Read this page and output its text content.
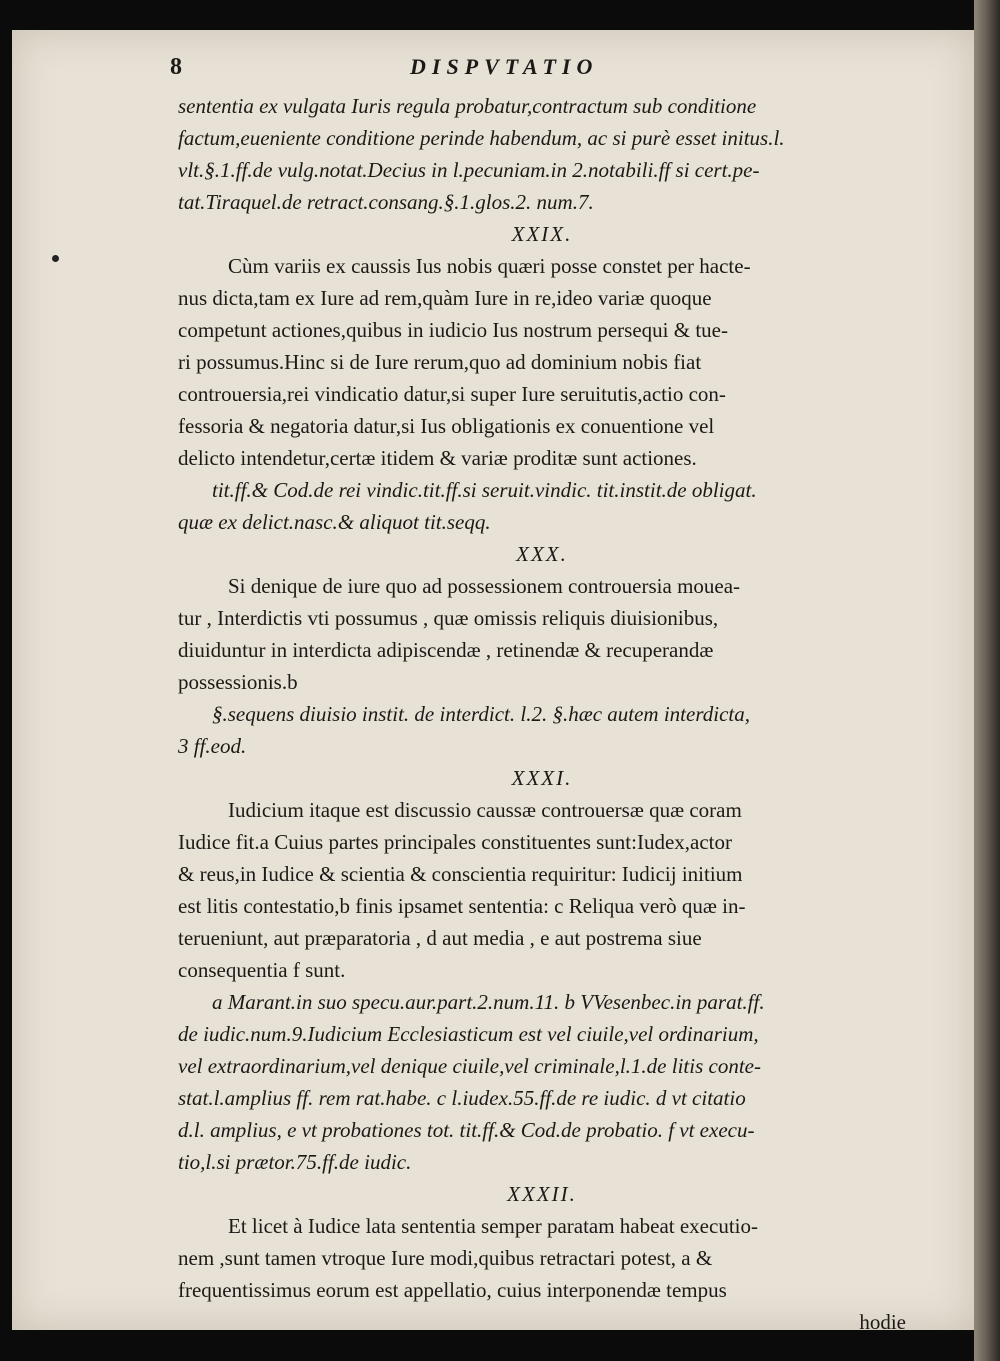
8	DISPVTATIO
sententia ex vulgata Iuris regula probatur,contractum sub conditione
factum,eueniente conditione perinde habendum, ac si purè esset initus.l.
vlt.§.1.ff.de vulg.notat.Decius in l.pecuniam.in 2.notabili.ff si cert.pe-
tat.Tiraquel.de retract.consang.§.1.glos.2. num.7.
XXIX.
Cùm variis ex caussis Ius nobis quæri posse constet per hacte-
nus dicta,tam ex Iure ad rem,quàm Iure in re,ideo variæ quoque
competunt actiones,quibus in iudicio Ius nostrum persequi & tue-
ri possumus.Hinc si de Iure rerum,quo ad dominium nobis fiat
controuersia,rei vindicatio datur,si super Iure seruitutis,actio con-
fessoria & negatoria datur,si Ius obligationis ex conuentione vel
delicto intendetur,certæ itidem & variæ proditæ sunt actiones.
tit.ff.& Cod.de rei vindic.tit.ff.si seruit.vindic. tit.instit.de obligat.
quæ ex delict.nasc.& aliquot tit.seqq.
XXX.
Si denique de iure quo ad possessionem controuersia moueа-
tur , Interdictis vti possumus , quæ omissis reliquis diuisionibus,
diuiduntur in interdicta adipiscendæ , retinendæ & recuperandæ
possessionis.b
§.sequens diuisio instit. de interdict. l.2. §.hæc autem interdicta,
3 ff.eod.
XXXI.
Iudicium itaque est discussio caussæ controuersæ quæ coram
Iudice fit.a Cuius partes principales constituentes sunt:Iudex,actor
& reus,in Iudice & scientia & conscientia requiritur: Iudicij initium
est litis contestatio,b finis ipsamet sententia: c Reliqua verò quæ in-
teruenіunt, aut præparatoria , d aut media , e aut postrema siue
consequentia f sunt.
a Marant.in suo specu.aur.part.2.num.11. b VVesenbec.in parat.ff.
de iudic.num.9.Iudicium Ecclesiasticum est vel ciuile,vel ordinarium,
vel extraordinarium,vel denique ciuile,vel criminale,l.1.de litis conte-
stat.l.amplius ff. rem rat.habe. c l.iudex.55.ff.de re iudic. d vt citatio
d.l. amplius, e vt probationes tot. tit.ff.& Cod.de probatio. f vt execu-
tio,l.si prætor.75.ff.de iudic.
XXXII.
Et licet à Iudice lata sententia semper paratam habeat executio-
nem ,sunt tamen vtroque Iure modi,quibus retractari potest, a &
frequentissimus eorum est appellatio, cuius interponendæ tempus
hodie
